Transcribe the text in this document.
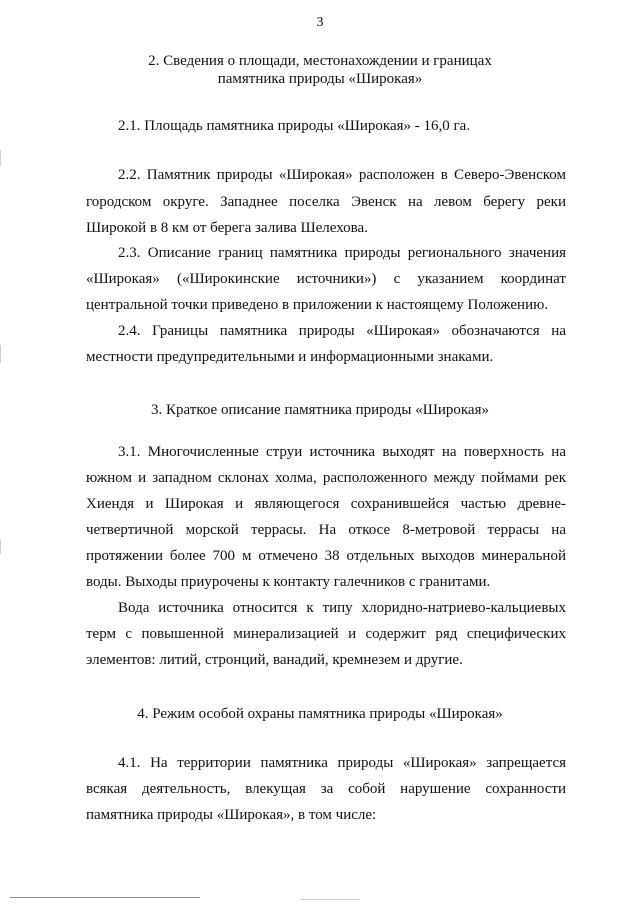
3
2. Сведения о площади, местонахождении и границах
памятника природы «Широкая»
2.1. Площадь памятника природы «Широкая» - 16,0 га.
2.2. Памятник природы «Широкая» расположен в Северо-Эвенском
городском округе. Западнее поселка Эвенск на левом берегу реки
Широкой в 8 км от берега залива Шелехова.
2.3. Описание границ памятника природы регионального значения
«Широкая» («Широкинские источники») с указанием координат
центральной точки приведено в приложении к настоящему Положению.
2.4. Границы памятника природы «Широкая» обозначаются на
местности предупредительными и информационными знаками.
3. Краткое описание памятника природы «Широкая»
3.1. Многочисленные струи источника выходят на поверхность на
южном и западном склонах холма, расположенного между поймами рек
Хиендя и Широкая и являющегося сохранившейся частью древне-
четвертичной морской террасы. На откосе 8-метровой террасы на
протяжении более 700 м отмечено 38 отдельных выходов минеральной
воды. Выходы приурочены к контакту галечников с гранитами.
Вода источника относится к типу хлоридно-натриево-кальциевых
терм с повышенной минерализацией и содержит ряд специфических
элементов: литий, стронций, ванадий, кремнезем и другие.
4. Режим особой охраны памятника природы «Широкая»
4.1. На территории памятника природы «Широкая» запрещается
всякая деятельность, влекущая за собой нарушение сохранности
памятника природы «Широкая», в том числе:
